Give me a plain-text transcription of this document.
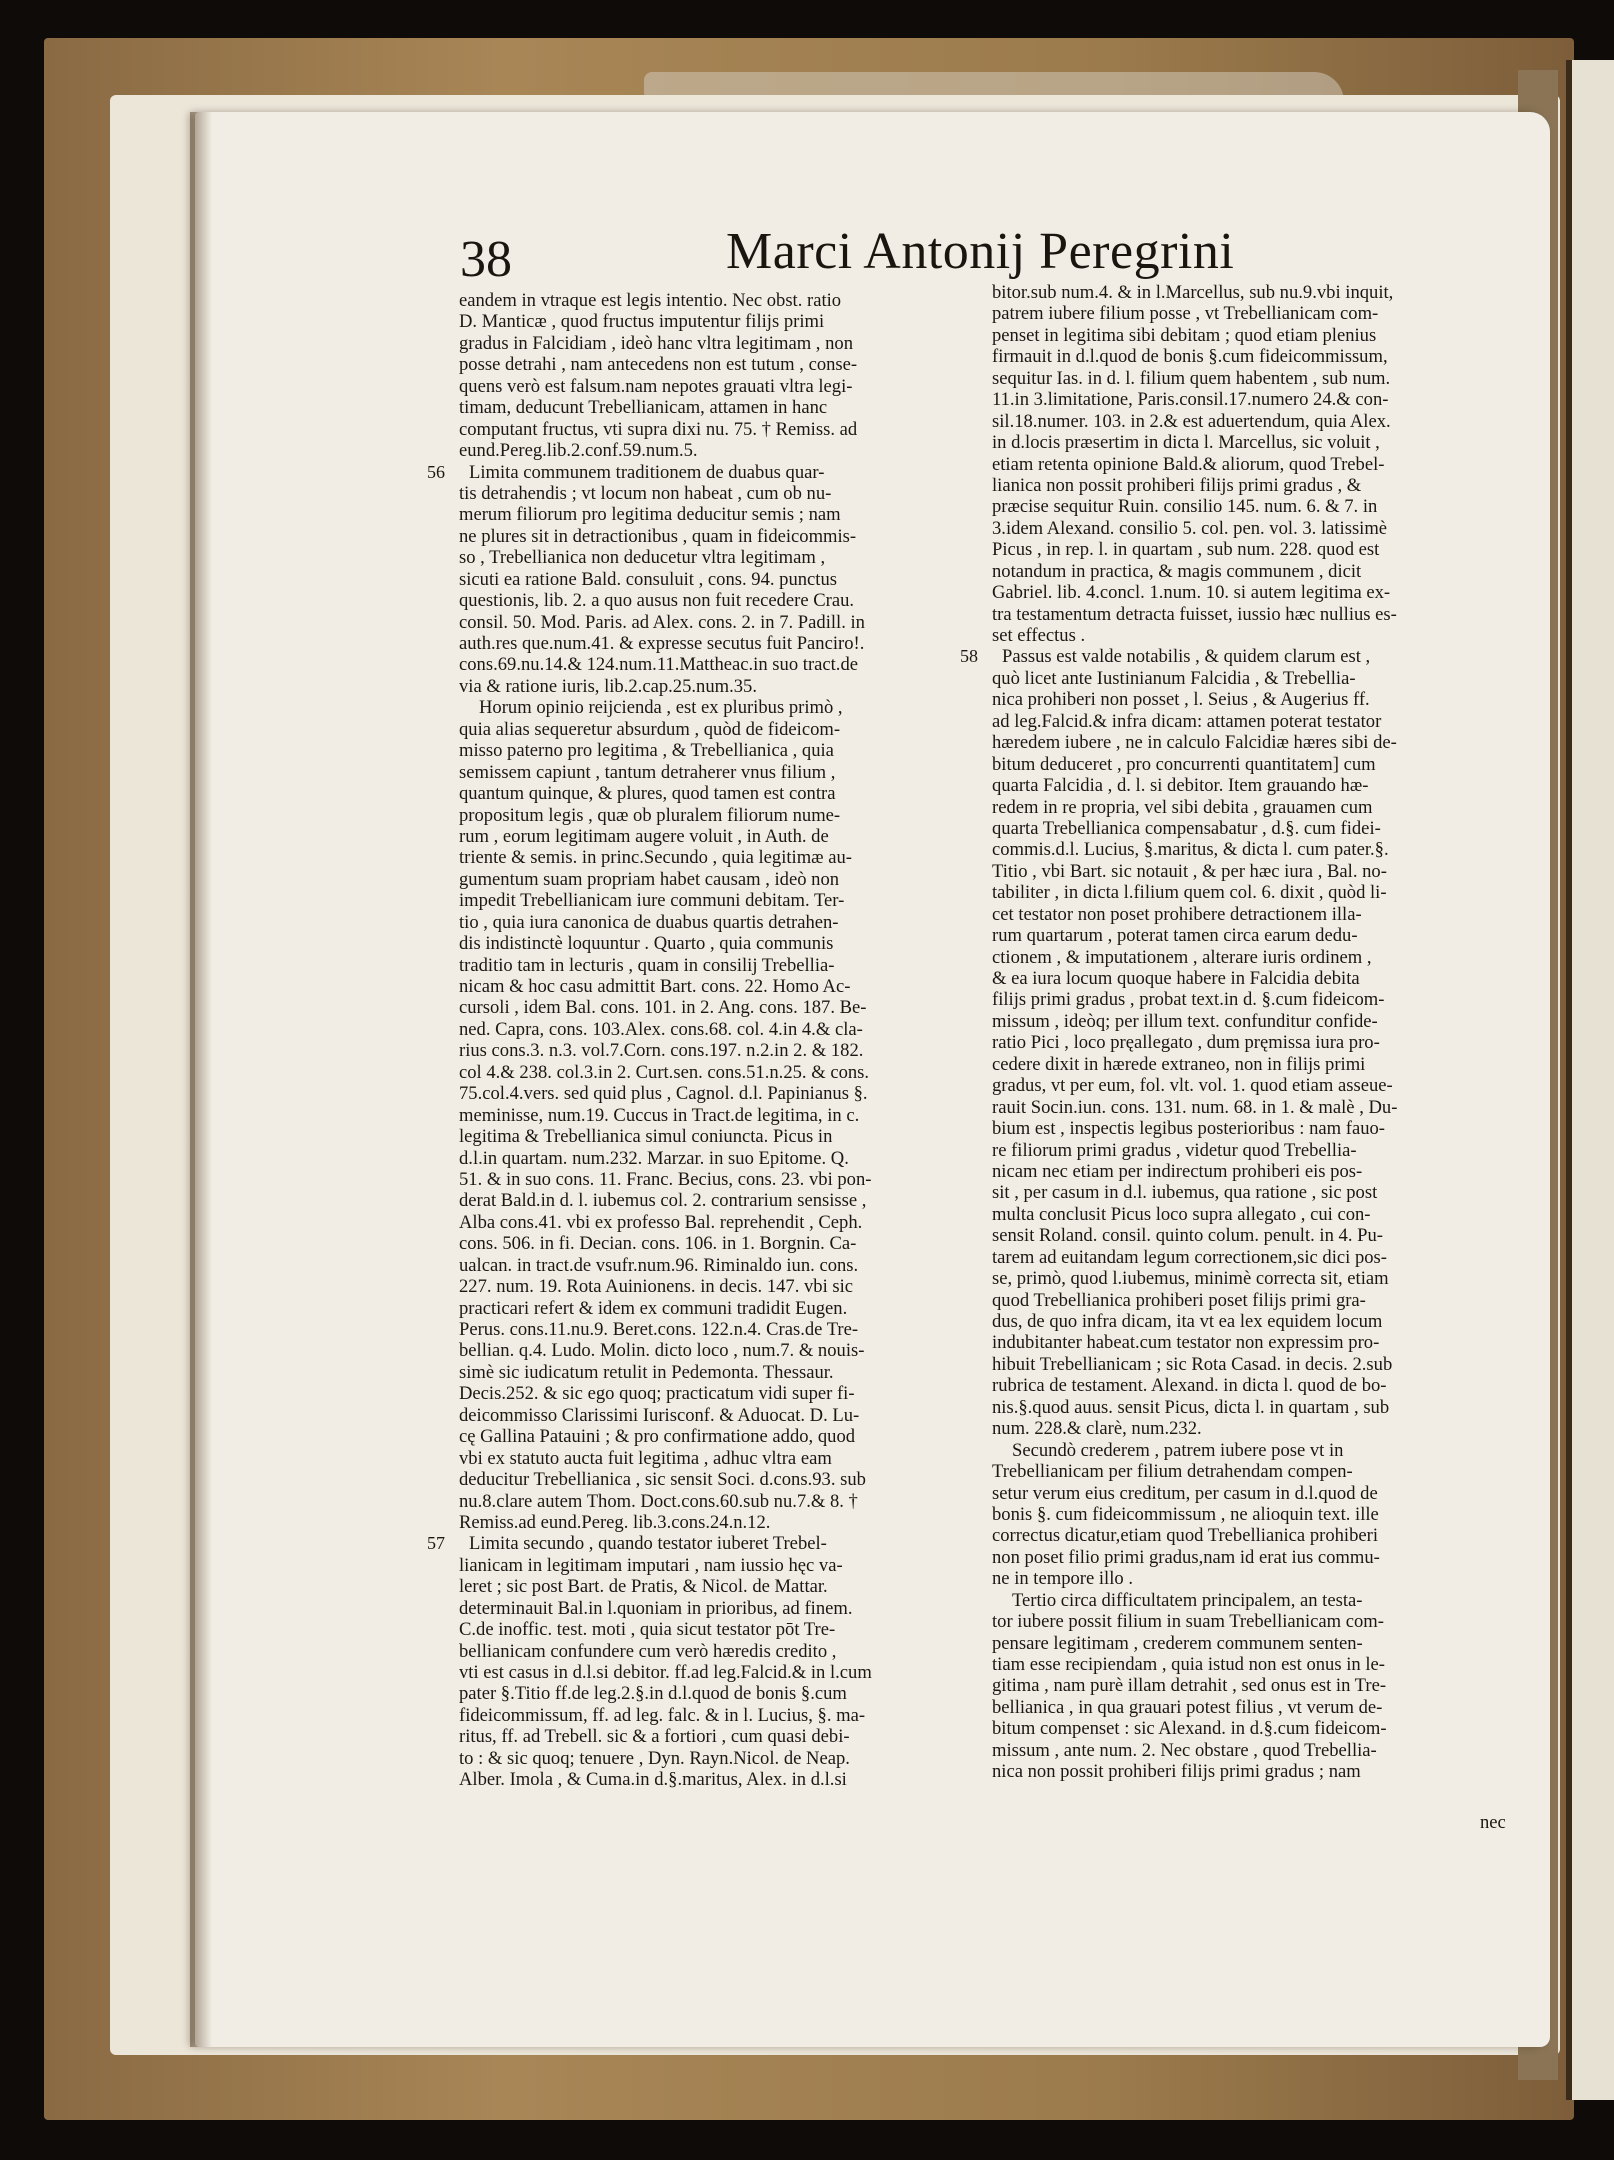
38	Marci Antonij Peregrini
eandem in vtraque est legis intentio. Nec obst. ratio
D. Manticæ , quod fructus imputentur filijs primi
gradus in Falcidiam , ideò hanc vltra legitimam , non
posse detrahi , nam antecedens non est tutum , conse-
quens verò est falsum.nam nepotes grauati vltra legi-
timam, deducunt Trebellianicam, attamen in hanc
computant fructus, vti supra dixi nu. 75. † Remiss. ad
eund.Pereg.lib.2.conf.59.num.5.
56	Limita communem traditionem de duabus quar-
tis detrahendis ; vt locum non habeat , cum ob nu-
merum filiorum pro legitima deducitur semis ; nam
ne plures sit in detractionibus , quam in fideicommis-
so , Trebellianica non deducetur vltra legitimam ,
sicuti ea ratione Bald. consuluit , cons. 94. punctus
questionis, lib. 2. a quo ausus non fuit recedere Crau.
consil. 50. Mod. Paris. ad Alex. cons. 2. in 7. Padill. in
auth.res que.num.41. & expresse secutus fuit Panciro!.
cons.69.nu.14.& 124.num.11.Mattheac.in suo tract.de
via & ratione iuris, lib.2.cap.25.num.35.
Horum opinio reijcienda , est ex pluribus primò ,
quia alias sequeretur absurdum , quòd de fideicom-
misso paterno pro legitima , & Trebellianica , quia
semissem capiunt , tantum detraherer vnus filium ,
quantum quinque, & plures, quod tamen est contra
propositum legis , quæ ob pluralem filiorum nume-
rum , eorum legitimam augere voluit , in Auth. de
triente & semis. in princ.Secundo , quia legitimæ au-
gumentum suam propriam habet causam , ideò non
impedit Trebellianicam iure communi debitam. Ter-
tio , quia iura canonica de duabus quartis detrahen-
dis indistinctè loquuntur . Quarto , quia communis
traditio tam in lecturis , quam in consilij Trebellia-
nicam & hoc casu admittit Bart. cons. 22. Homo Ac-
cursoli , idem Bal. cons. 101. in 2. Ang. cons. 187. Be-
ned. Capra, cons. 103.Alex. cons.68. col. 4.in 4.& cla-
rius cons.3. n.3. vol.7.Corn. cons.197. n.2.in 2. & 182.
col 4.& 238. col.3.in 2. Curt.sen. cons.51.n.25. & cons.
75.col.4.vers. sed quid plus , Cagnol. d.l. Papinianus §.
meminisse, num.19. Cuccus in Tract.de legitima, in c.
legitima & Trebellianica simul coniuncta. Picus in
d.l.in quartam. num.232. Marzar. in suo Epitome. Q.
51. & in suo cons. 11. Franc. Becius, cons. 23. vbi pon-
derat Bald.in d. l. iubemus col. 2. contrarium sensisse ,
Alba cons.41. vbi ex professo Bal. reprehendit , Ceph.
cons. 506. in fi. Decian. cons. 106. in 1. Borgnin. Ca-
ualcan. in tract.de vsufr.num.96. Riminaldo iun. cons.
227. num. 19. Rota Auinionens. in decis. 147. vbi sic
practicari refert & idem ex communi tradidit Eugen.
Perus. cons.11.nu.9. Beret.cons. 122.n.4. Cras.de Tre-
bellian. q.4. Ludo. Molin. dicto loco , num.7. & nouis-
simè sic iudicatum retulit in Pedemonta. Thessaur.
Decis.252. & sic ego quoq; practicatum vidi super fi-
deicommisso Clarissimi Iurisconf. & Aduocat. D. Lu-
cę Gallina Patauini ; & pro confirmatione addo, quod
vbi ex statuto aucta fuit legitima , adhuc vltra eam
deducitur Trebellianica , sic sensit Soci. d.cons.93. sub
nu.8.clare autem Thom. Doct.cons.60.sub nu.7.& 8. †
Remiss.ad eund.Pereg. lib.3.cons.24.n.12.
57	Limita secundo , quando testator iuberet Trebel-
lianicam in legitimam imputari , nam iussio hęc va-
leret ; sic post Bart. de Pratis, & Nicol. de Mattar.
determinauit Bal.in l.quoniam in prioribus, ad finem.
C.de inoffic. test. moti , quia sicut testator pōt Tre-
bellianicam confundere cum verò hæredis credito ,
vti est casus in d.l.si debitor. ff.ad leg.Falcid.& in l.cum
pater §.Titio ff.de leg.2.§.in d.l.quod de bonis §.cum
fideicommissum, ff. ad leg. falc. & in l. Lucius, §. ma-
ritus, ff. ad Trebell. sic & a fortiori , cum quasi debi-
to : & sic quoq; tenuere , Dyn. Rayn.Nicol. de Neap.
Alber. Imola , & Cuma.in d.§.maritus, Alex. in d.l.si
bitor.sub num.4. & in l.Marcellus, sub nu.9.vbi inquit,
patrem iubere filium posse , vt Trebellianicam com-
penset in legitima sibi debitam ; quod etiam plenius
firmauit in d.l.quod de bonis §.cum fideicommissum,
sequitur Ias. in d. l. filium quem habentem , sub num.
11.in 3.limitatione, Paris.consil.17.numero 24.& con-
sil.18.numer. 103. in 2.& est aduertendum, quia Alex.
in d.locis præsertim in dicta l. Marcellus, sic voluit ,
etiam retenta opinione Bald.& aliorum, quod Trebel-
lianica non possit prohiberi filijs primi gradus , &
præcise sequitur Ruin. consilio 145. num. 6. & 7. in
3.idem Alexand. consilio 5. col. pen. vol. 3. latissimè
Picus , in rep. l. in quartam , sub num. 228. quod est
notandum in practica, & magis communem , dicit
Gabriel. lib. 4.concl. 1.num. 10. si autem legitima ex-
tra testamentum detracta fuisset, iussio hæc nullius es-
set effectus .
58	Passus est valde notabilis , & quidem clarum est ,
quò licet ante Iustinianum Falcidia , & Trebellia-
nica prohiberi non posset , l. Seius , & Augerius ff.
ad leg.Falcid.& infra dicam: attamen poterat testator
hæredem iubere , ne in calculo Falcidiæ hæres sibi de-
bitum deduceret , pro concurrenti quantitatem] cum
quarta Falcidia , d. l. si debitor. Item grauando hæ-
redem in re propria, vel sibi debita , grauamen cum
quarta Trebellianica compensabatur , d.§. cum fidei-
commis.d.l. Lucius, §.maritus, & dicta l. cum pater.§.
Titio , vbi Bart. sic notauit , & per hæc iura , Bal. no-
tabiliter , in dicta l.filium quem col. 6. dixit , quòd li-
cet testator non poset prohibere detractionem illa-
rum quartarum , poterat tamen circa earum dedu-
ctionem , & imputationem , alterare iuris ordinem ,
& ea iura locum quoque habere in Falcidia debita
filijs primi gradus , probat text.in d. §.cum fideicom-
missum , ideòq; per illum text. confunditur confide-
ratio Pici , loco pręallegato , dum pręmissa iura pro-
cedere dixit in hærede extraneo, non in filijs primi
gradus, vt per eum, fol. vlt. vol. 1. quod etiam asseue-
rauit Socin.iun. cons. 131. num. 68. in 1. & malè , Du-
bium est , inspectis legibus posterioribus : nam fauo-
re filiorum primi gradus , videtur quod Trebellia-
nicam nec etiam per indirectum prohiberi eis pos-
sit , per casum in d.l. iubemus, qua ratione , sic post
multa conclusit Picus loco supra allegato , cui con-
sensit Roland. consil. quinto colum. penult. in 4. Pu-
tarem ad euitandam legum correctionem,sic dici pos-
se, primò, quod l.iubemus, minimè correcta sit, etiam
quod Trebellianica prohiberi poset filijs primi gra-
dus, de quo infra dicam, ita vt ea lex equidem locum
indubitanter habeat.cum testator non expressim pro-
hibuit Trebellianicam ; sic Rota Casad. in decis. 2.sub
rubrica de testament. Alexand. in dicta l. quod de bo-
nis.§.quod auus. sensit Picus, dicta l. in quartam , sub
num. 228.& clarè, num.232.
Secundò crederem , patrem iubere pose vt in
Trebellianicam per filium detrahendam compen-
setur verum eius creditum, per casum in d.l.quod de
bonis §. cum fideicommissum , ne alioquin text. ille
correctus dicatur,etiam quod Trebellianica prohiberi
non poset filio primi gradus,nam id erat ius commu-
ne in tempore illo .
Tertio circa difficultatem principalem, an testa-
tor iubere possit filium in suam Trebellianicam com-
pensare legitimam , crederem communem senten-
tiam esse recipiendam , quia istud non est onus in le-
gitima , nam purè illam detrahit , sed onus est in Tre-
bellianica , in qua grauari potest filius , vt verum de-
bitum compenset : sic Alexand. in d.§.cum fideicom-
missum , ante num. 2. Nec obstare , quod Trebellia-
nica non possit prohiberi filijs primi gradus ; nam
nec
